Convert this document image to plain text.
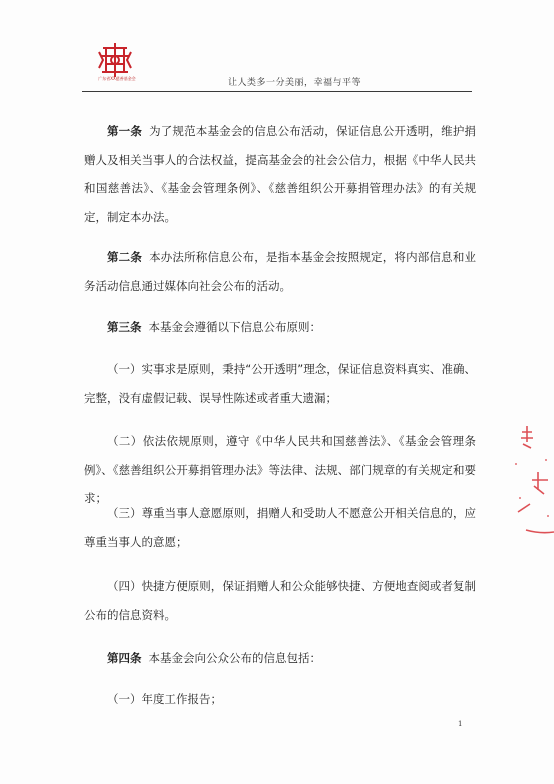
广东省XX慈善基金会	让人类多一分美丽，幸福与平等

第一条 为了规范本基金会的信息公布活动，保证信息公开透明，维护捐赠人及相关当事人的合法权益，提高基金会的社会公信力，根据《中华人民共和国慈善法》、《基金会管理条例》、《慈善组织公开募捐管理办法》的有关规定，制定本办法。

第二条 本办法所称信息公布，是指本基金会按照规定，将内部信息和业务活动信息通过媒体向社会公布的活动。

第三条 本基金会遵循以下信息公布原则：

（一）实事求是原则，秉持“公开透明”理念，保证信息资料真实、准确、完整，没有虚假记载、误导性陈述或者重大遗漏；

（二）依法依规原则，遵守《中华人民共和国慈善法》、《基金会管理条例》、《慈善组织公开募捐管理办法》等法律、法规、部门规章的有关规定和要求；

（三）尊重当事人意愿原则，捐赠人和受助人不愿意公开相关信息的，应尊重当事人的意愿；

（四）快捷方便原则，保证捐赠人和公众能够快捷、方便地查阅或者复制公布的信息资料。

第四条 本基金会向公众公布的信息包括：

（一）年度工作报告；

1
